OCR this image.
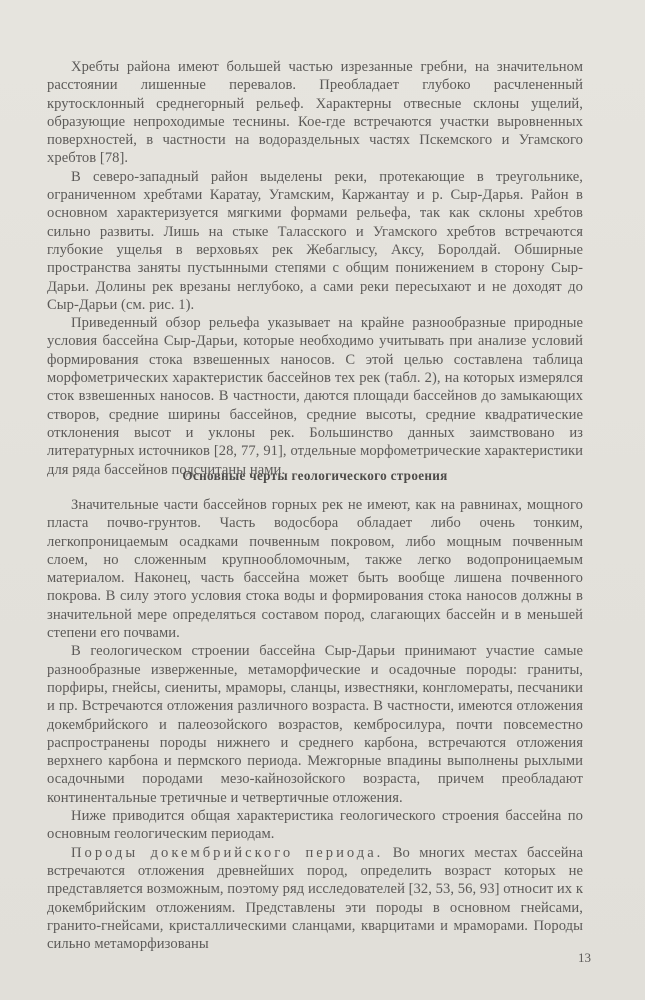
Хребты района имеют большей частью изрезанные гребни, на значительном расстоянии лишенные перевалов. Преобладает глубоко расчлененный крутосклонный среднегорный рельеф. Характерны отвесные склоны ущелий, образующие непроходимые теснины. Кое-где встречаются участки выровненных поверхностей, в частности на водораздельных частях Пскемского и Угамского хребтов [78].

В северо-западный район выделены реки, протекающие в треугольнике, ограниченном хребтами Каратау, Угамским, Каржантау и р. Сыр-Дарья. Район в основном характеризуется мягкими формами рельефа, так как склоны хребтов сильно развиты. Лишь на стыке Таласского и Угамского хребтов встречаются глубокие ущелья в верховьях рек Жебаглысу, Аксу, Боролдай. Обширные пространства заняты пустынными степями с общим понижением в сторону Сыр-Дарьи. Долины рек врезаны неглубоко, а сами реки пересыхают и не доходят до Сыр-Дарьи (см. рис. 1).

Приведенный обзор рельефа указывает на крайне разнообразные природные условия бассейна Сыр-Дарьи, которые необходимо учитывать при анализе условий формирования стока взвешенных наносов. С этой целью составлена таблица морфометрических характеристик бассейнов тех рек (табл. 2), на которых измерялся сток взвешенных наносов. В частности, даются площади бассейнов до замыкающих створов, средние ширины бассейнов, средние высоты, средние квадратические отклонения высот и уклоны рек. Большинство данных заимствовано из литературных источников [28, 77, 91], отдельные морфометрические характеристики для ряда бассейнов подсчитаны нами.

Основные черты геологического строения

Значительные части бассейнов горных рек не имеют, как на равнинах, мощного пласта почво-грунтов. Часть водосбора обладает либо очень тонким, легкопроницаемым осадками почвенным покровом, либо мощным почвенным слоем, но сложенным крупнообломочным, также легко водопроницаемым материалом. Наконец, часть бассейна может быть вообще лишена почвенного покрова. В силу этого условия стока воды и формирования стока наносов должны в значительной мере определяться составом пород, слагающих бассейн и в меньшей степени его почвами.

В геологическом строении бассейна Сыр-Дарьи принимают участие самые разнообразные изверженные, метаморфические и осадочные породы: граниты, порфиры, гнейсы, сиениты, мраморы, сланцы, известняки, конгломераты, песчаники и пр. Встречаются отложения различного возраста. В частности, имеются отложения докембрийского и палеозойского возрастов, кембросилура, почти повсеместно распространены породы нижнего и среднего карбона, встречаются отложения верхнего карбона и пермского периода. Межгорные впадины выполнены рыхлыми осадочными породами мезо-кайнозойского возраста, причем преобладают континентальные третичные и четвертичные отложения.

Ниже приводится общая характеристика геологического строения бассейна по основным геологическим периодам.

Породы докембрийского периода. Во многих местах бассейна встречаются отложения древнейших пород, определить возраст которых не представляется возможным, поэтому ряд исследователей [32, 53, 56, 93] относит их к докембрийским отложениям. Представлены эти породы в основном гнейсами, гранито-гнейсами, кристаллическими сланцами, кварцитами и мраморами. Породы сильно метаморфизованы

13
